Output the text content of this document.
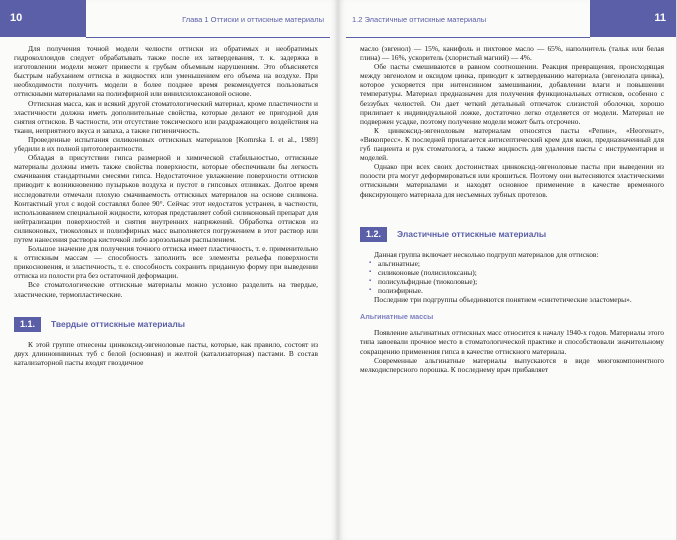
10	Глава 1 Оттиски и оттискные материалы

Для получения точной модели челюсти оттиски из обратимых и необратимых гидроколлоидов следует обрабатывать также после их затвердевания, т. к. задержка в изготовлении модели может привести к грубым объемным нарушениям. Это объясняется быстрым набуханием оттиска в жидкостях или уменьшением его объема на воздухе. При необходимости получить модели в более позднее время рекомендуется пользоваться оттискными материалами на полиэфирной или винилсилоксановой основе.

Оттискная масса, как и всякий другой стоматологический материал, кроме пластичности и эластичности должна иметь дополнительные свойства, которые делают ее пригодной для снятия оттисков. В частности, эти отсутствие токсического или раздражающего воздействия на ткани, неприятного вкуса и запаха, а также гигиеничность.

Проведенные испытания силиконовых оттискных материалов [Komrska I. et al., 1989] убедили в их полной цитотолерантности.

Обладая в присутствии гипса размерной и химической стабильностью, оттискные материалы должны иметь также свойства поверхности, которые обеспечивали бы легкость смачивания стандартными смесями гипса. Недостаточное увлажнение поверхности оттисков приводит к возникновению пузырьков воздуха и пустот в гипсовых отливках. Долгое время исследователи отмечали плохую смачиваемость оттискных материалов на основе силикона. Контактный угол с водой составлял более 90°. Сейчас этот недостаток устранен, в частности, использованием специальной жидкости, которая представляет собой силиконовый препарат для нейтрализации поверхностей и снятия внутренних напряжений. Обработка оттисков из силиконовых, тиоколовых и полиэфирных масс выполняется погружением в этот раствор или путем нанесения раствора кисточкой либо аэрозольным распылением.

Большое значение для получения точного оттиска имеет пластичность, т. е. применительно к оттискным массам — способность заполнить все элементы рельефа поверхности прикосновения, и эластичность, т. е. способность сохранить приданную форму при выведении оттиска из полости рта без остаточной деформации.

Все стоматологические оттискные материалы можно условно разделить на твердые, эластические, термопластические.

1.1.	Твердые оттискные материалы

К этой группе отнесены цинкоксид-эвгеноловые пасты, которые, как правило, состоят из двух длинноинвиных туб с белой (основная) и желтой (катализаторная) пастами. В состав катализаторной пасты входят гвоздичное

11
1.2 Эластичные оттискные материалы

масло (эвгенол) — 15%, канифоль и пихтовое масло — 65%, наполнитель (тальк или белая глина) — 16%, ускоритель (хлористый магний) — 4%.

Обе пасты смешиваются в равном соотношении. Реакция превращения, происходящая между эвгенолом и оксидом цинка, приводит к затвердеванию материала (эвгенолата цинка), которое ускоряется при интенсивном замешивании, добавлении влаги и повышении температуры. Материал предназначен для получения функциональных оттисков, особенно с беззубых челюстей. Он дает четкий детальный отпечаток слизистой оболочки, хорошо прилипает к индивидуальной ложке, достаточно легко отделяется от модели. Материал не подвержен усадке, поэтому получение модели может быть отсрочено.

К цинкоксид-эвгеноловым материалам относятся пасты «Репин», «Неогенат», «Викопресс». К последней прилагается антисептический крем для кожи, предназначенный для губ пациента и рук стоматолога, а также жидкость для удаления пасты с инструментария и моделей.

Однако при всех своих достоинствах цинкоксид-эвгеноловые пасты при выведении из полости рта могут деформироваться или крошиться. Поэтому они вытесняются эластическими оттискными материалами и находят основное применение в качестве временного фиксирующего материала для несъемных зубных протезов.

1.2.	Эластичные оттискные материалы

Данная группа включает несколько подгрупп материалов для оттисков:

▪ альгинатные;
▪ силиконовые (полисилоксаны);
▪ полисульфидные (тиоколовые);
▪ полиэфирные.

Последние три подгруппы объединяются понятием «синтетические эластомеры».

Альгинатные массы

Появление альгинатных оттискных масс относится к началу 1940-х годов. Материалы этого типа завоевали прочное место в стоматологической практике и способствовали значительному сокращению применения гипса в качестве оттискного материала.

Современные альгинатные материалы выпускаются в виде многокомпонентного мелкодисперсного порошка. К последнему врач прибавляет
